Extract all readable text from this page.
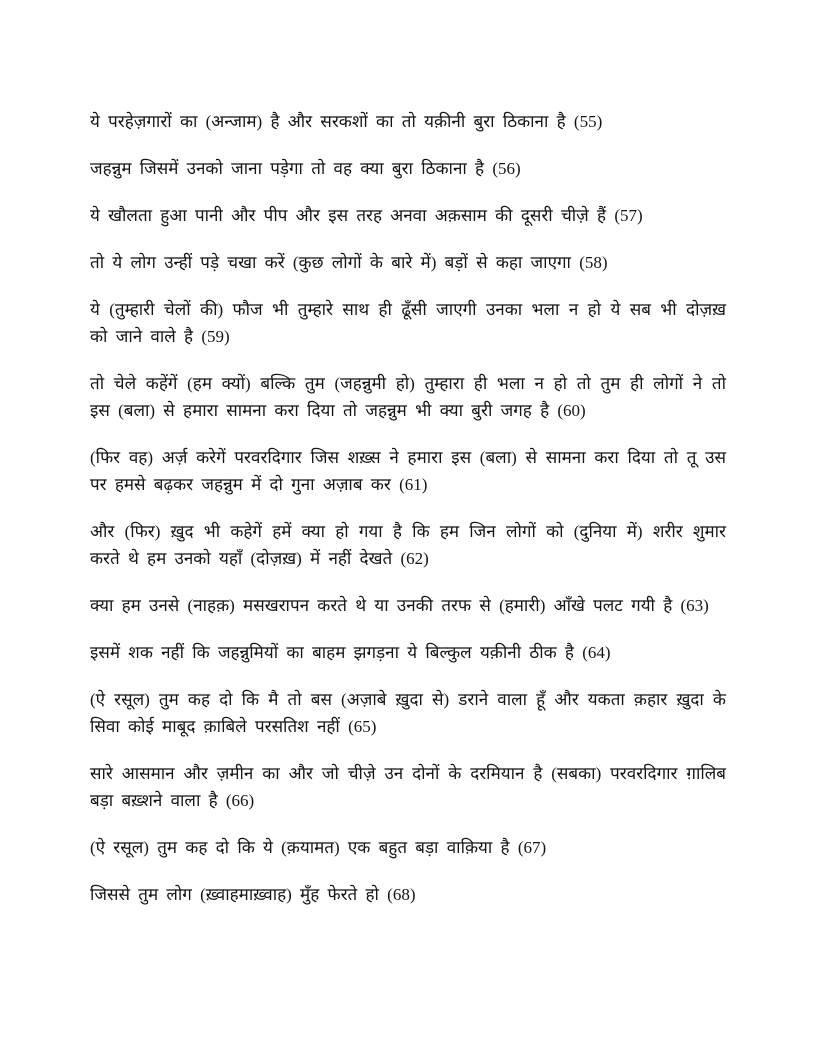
ये परहेज़गारों का (अन्जाम) है और सरकशों का तो यक़ीनी बुरा ठिकाना है (55)

जहन्नुम जिसमें उनको जाना पड़ेगा तो वह क्या बुरा ठिकाना है (56)

ये खौलता हुआ पानी और पीप और इस तरह अनवा अक़साम की दूसरी चीज़े हैं (57)

तो ये लोग उन्हीं पड़े चखा करें (कुछ लोगों के बारे में) बड़ों से कहा जाएगा (58)

ये (तुम्हारी चेलों की) फौज भी तुम्हारे साथ ही ढूँसी जाएगी उनका भला न हो ये सब भी दोज़ख़ को जाने वाले है (59)

तो चेले कहेंगें (हम क्यों) बल्कि तुम (जहन्नुमी हो) तुम्हारा ही भला न हो तो तुम ही लोगों ने तो इस (बला) से हमारा सामना करा दिया तो जहन्नुम भी क्या बुरी जगह है (60)

(फिर वह) अर्ज़ करेगें परवरदिगार जिस शख़्स ने हमारा इस (बला) से सामना करा दिया तो तू उस पर हमसे बढ़कर जहन्नुम में दो गुना अज़ाब कर (61)

और (फिर) ख़ुद भी कहेगें हमें क्या हो गया है कि हम जिन लोगों को (दुनिया में) शरीर शुमार करते थे हम उनको यहाँ (दोज़ख़) में नहीं देखते (62)

क्या हम उनसे (नाहक़) मसखरापन करते थे या उनकी तरफ से (हमारी) आँखे पलट गयी है (63)

इसमें शक नहीं कि जहन्नुमियों का बाहम झगड़ना ये बिल्कुल यक़ीनी ठीक है (64)

(ऐ रसूल) तुम कह दो कि मै तो बस (अज़ाबे ख़ुदा से) डराने वाला हूँ और यकता क़हार ख़ुदा के सिवा कोई माबूद क़ाबिले परसतिश नहीं (65)

सारे आसमान और ज़मीन का और जो चीज़े उन दोनों के दरमियान है (सबका) परवरदिगार ग़ालिब बड़ा बख़्शने वाला है (66)

(ऐ रसूल) तुम कह दो कि ये (क़यामत) एक बहुत बड़ा वाक़िया है (67)

जिससे तुम लोग (ख़्वाहमाख़्वाह) मुँह फेरते हो (68)
